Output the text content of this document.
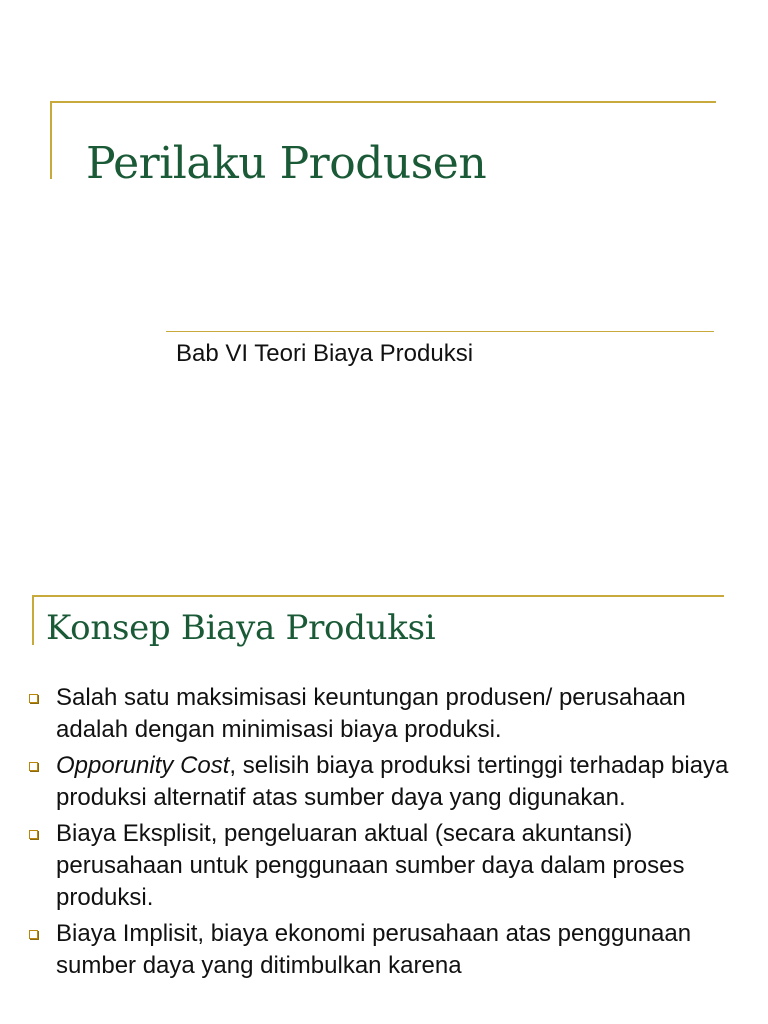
Perilaku Produsen
Bab VI Teori Biaya Produksi
Konsep Biaya Produksi
Salah satu maksimisasi keuntungan produsen/ perusahaan adalah dengan minimisasi biaya produksi.
Opporunity Cost, selisih biaya produksi tertinggi terhadap biaya produksi alternatif atas sumber daya yang digunakan.
Biaya Eksplisit, pengeluaran aktual (secara akuntansi) perusahaan untuk penggunaan sumber daya dalam proses produksi.
Biaya Implisit, biaya ekonomi perusahaan atas penggunaan sumber daya yang ditimbulkan karena
